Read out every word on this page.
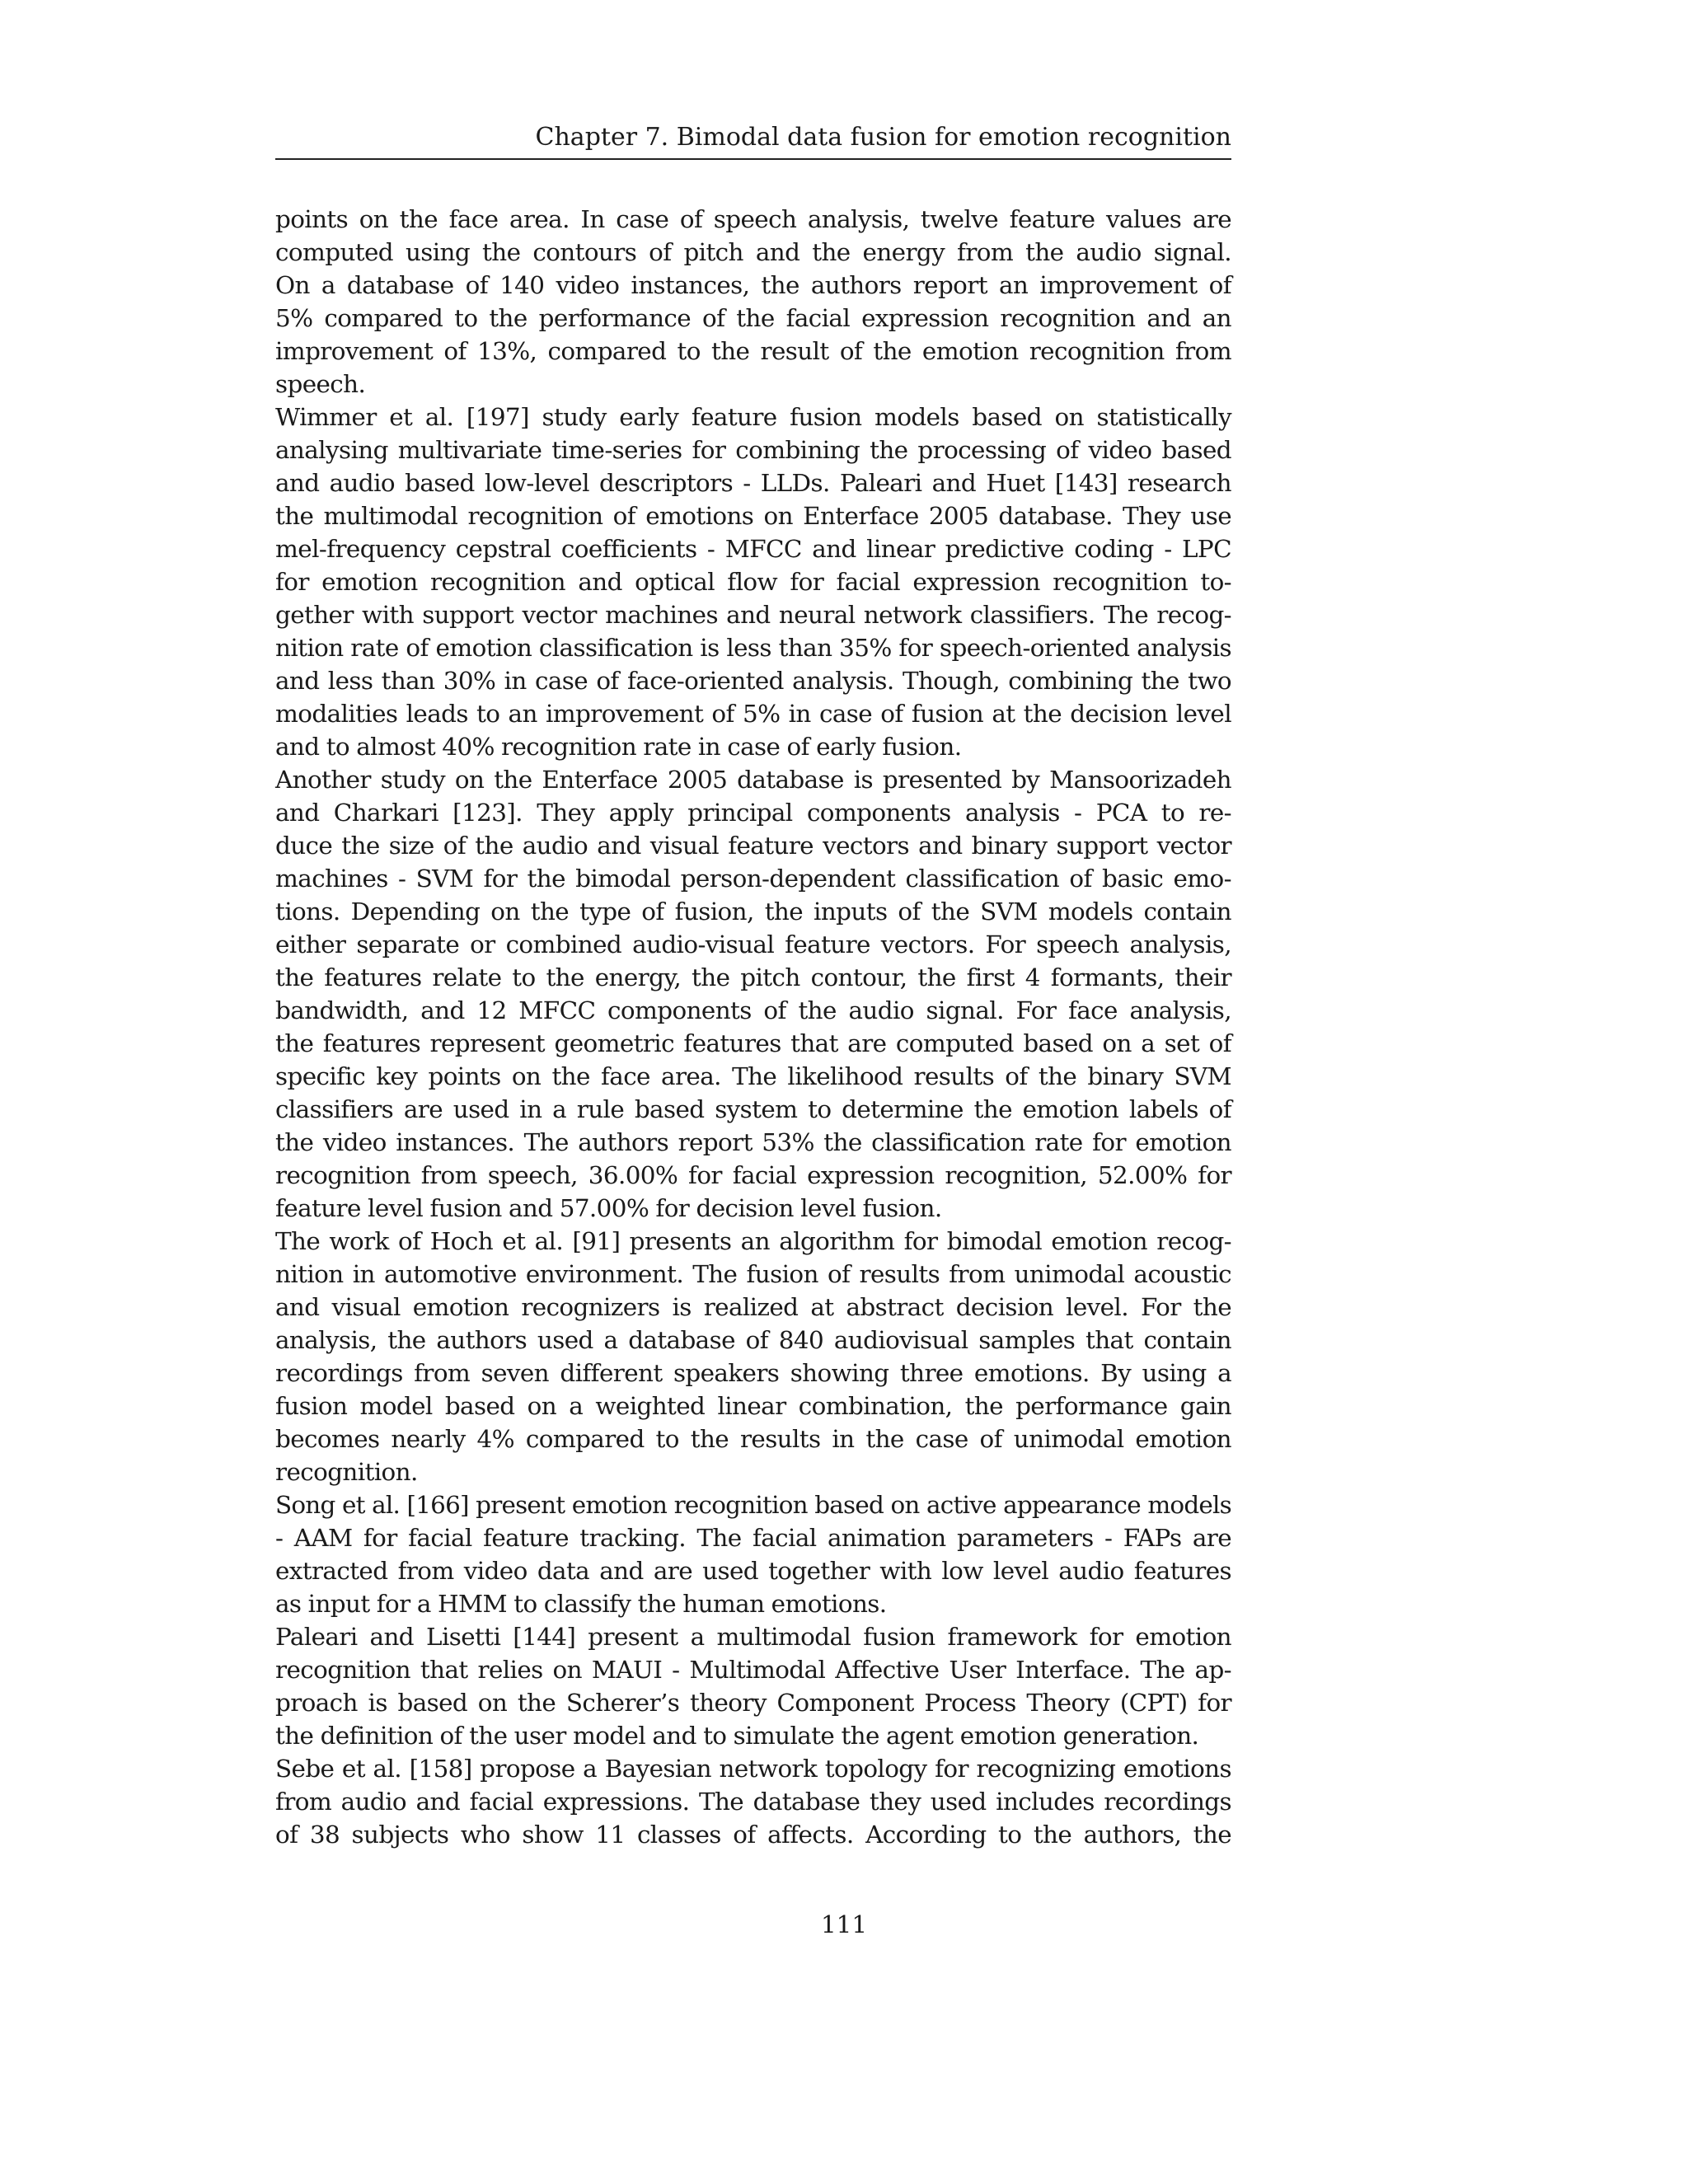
Chapter 7. Bimodal data fusion for emotion recognition

points on the face area. In case of speech analysis, twelve feature values are
computed using the contours of pitch and the energy from the audio signal.
On a database of 140 video instances, the authors report an improvement of
5% compared to the performance of the facial expression recognition and an
improvement of 13%, compared to the result of the emotion recognition from
speech.

Wimmer et al. [197] study early feature fusion models based on statistically
analysing multivariate time-series for combining the processing of video based
and audio based low-level descriptors - LLDs. Paleari and Huet [143] research
the multimodal recognition of emotions on Enterface 2005 database. They use
mel-frequency cepstral coefficients - MFCC and linear predictive coding - LPC
for emotion recognition and optical flow for facial expression recognition to-
gether with support vector machines and neural network classifiers. The recog-
nition rate of emotion classification is less than 35% for speech-oriented analysis
and less than 30% in case of face-oriented analysis. Though, combining the two
modalities leads to an improvement of 5% in case of fusion at the decision level
and to almost 40% recognition rate in case of early fusion.

Another study on the Enterface 2005 database is presented by Mansoorizadeh
and Charkari [123]. They apply principal components analysis - PCA to re-
duce the size of the audio and visual feature vectors and binary support vector
machines - SVM for the bimodal person-dependent classification of basic emo-
tions. Depending on the type of fusion, the inputs of the SVM models contain
either separate or combined audio-visual feature vectors. For speech analysis,
the features relate to the energy, the pitch contour, the first 4 formants, their
bandwidth, and 12 MFCC components of the audio signal. For face analysis,
the features represent geometric features that are computed based on a set of
specific key points on the face area. The likelihood results of the binary SVM
classifiers are used in a rule based system to determine the emotion labels of
the video instances. The authors report 53% the classification rate for emotion
recognition from speech, 36.00% for facial expression recognition, 52.00% for
feature level fusion and 57.00% for decision level fusion.

The work of Hoch et al. [91] presents an algorithm for bimodal emotion recog-
nition in automotive environment. The fusion of results from unimodal acoustic
and visual emotion recognizers is realized at abstract decision level. For the
analysis, the authors used a database of 840 audiovisual samples that contain
recordings from seven different speakers showing three emotions. By using a
fusion model based on a weighted linear combination, the performance gain
becomes nearly 4% compared to the results in the case of unimodal emotion
recognition.

Song et al. [166] present emotion recognition based on active appearance models
- AAM for facial feature tracking. The facial animation parameters - FAPs are
extracted from video data and are used together with low level audio features
as input for a HMM to classify the human emotions.

Paleari and Lisetti [144] present a multimodal fusion framework for emotion
recognition that relies on MAUI - Multimodal Affective User Interface. The ap-
proach is based on the Scherer’s theory Component Process Theory (CPT) for
the definition of the user model and to simulate the agent emotion generation.

Sebe et al. [158] propose a Bayesian network topology for recognizing emotions
from audio and facial expressions. The database they used includes recordings
of 38 subjects who show 11 classes of affects. According to the authors, the

111
